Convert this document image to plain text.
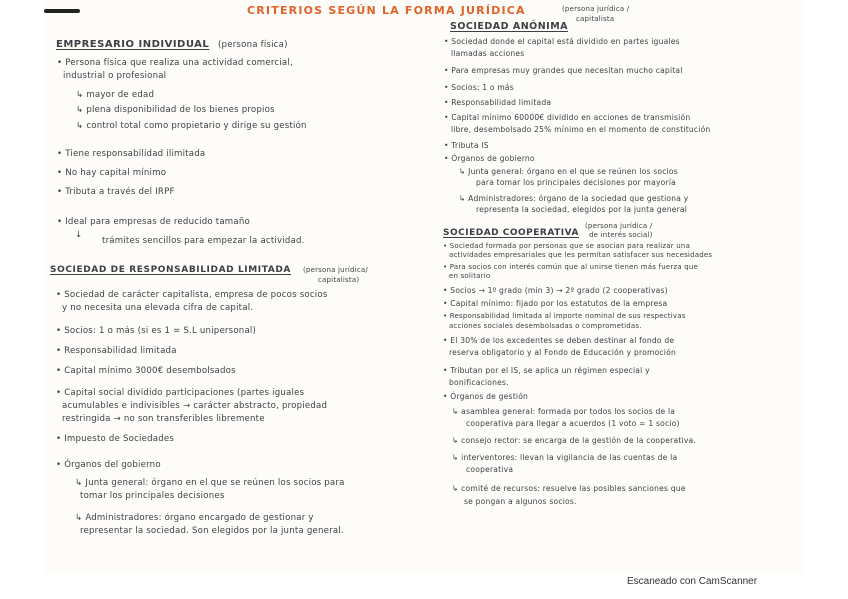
CRITERIOS SEGÚN LA FORMA JURÍDICA	(persona jurídica /
capitalista
EMPRESARIO INDIVIDUAL (persona física)
• Persona física que realiza una actividad comercial,
industrial o profesional
↳ mayor de edad
↳ plena disponibilidad de los bienes propios
↳ control total como propietario y dirige su gestión
• Tiene responsabilidad ilimitada
• No hay capital mínimo
• Tributa a través del IRPF
• Ideal para empresas de reducido tamaño
↓
trámites sencillos para empezar la actividad.
SOCIEDAD DE RESPONSABILIDAD LIMITADA (persona jurídica/
capitalista)
• Sociedad de carácter capitalista, empresa de pocos socios
y no necesita una elevada cifra de capital.
• Socios: 1 o más (si es 1 = S.L unipersonal)
• Responsabilidad limitada
• Capital mínimo 3000€ desembolsados
• Capital social dividido participaciones (partes iguales
acumulables e indivisibles → carácter abstracto, propiedad
restringida → no son transferibles libremente
• Impuesto de Sociedades
• Órganos del gobierno
↳ Junta general: órgano en el que se reúnen los socios para
tomar los principales decisiones
↳ Administradores: órgano encargado de gestionar y
representar la sociedad. Son elegidos por la junta general.
SOCIEDAD ANÓNIMA
• Sociedad donde el capital está dividido en partes iguales
llamadas acciones
• Para empresas muy grandes que necesitan mucho capital
• Socios: 1 o más
• Responsabilidad limitada
• Capital mínimo 60000€ dividido en acciones de transmisión
libre, desembolsado 25% mínimo en el momento de constitución
• Tributa IS
• Órganos de gobierno
↳ Junta general: órgano en el que se reúnen los socios
para tomar los principales decisiones por mayoría
↳ Administradores: órgano de la sociedad que gestiona y
representa la sociedad, elegidos por la junta general
SOCIEDAD COOPERATIVA
(persona jurídica /
de interés social)
• Sociedad formada por personas que se asocian para realizar una
actividades empresariales que les permitan satisfacer sus necesidades
• Para socios con interés común que al unirse tienen más fuerza que
en solitario
• Socios → 1º grado (min 3) → 2º grado (2 cooperativas)
• Capital mínimo: fijado por los estatutos de la empresa
• Responsabilidad limitada al importe nominal de sus respectivas
acciones sociales desembolsadas o comprometidas.
• El 30% de los excedentes se deben destinar al fondo de
reserva obligatorio y al Fondo de Educación y promoción
• Tributan por el IS, se aplica un régimen especial y
bonificaciones.
• Órganos de gestión
↳ asamblea general: formada por todos los socios de la
cooperativa para llegar a acuerdos (1 voto = 1 socio)
↳ consejo rector: se encarga de la gestión de la cooperativa.
↳ interventores: llevan la vigilancia de las cuentas de la
cooperativa
↳ comité de recursos: resuelve las posibles sanciones que
se pongan a algunos socios.
Escaneado con CamScanner
